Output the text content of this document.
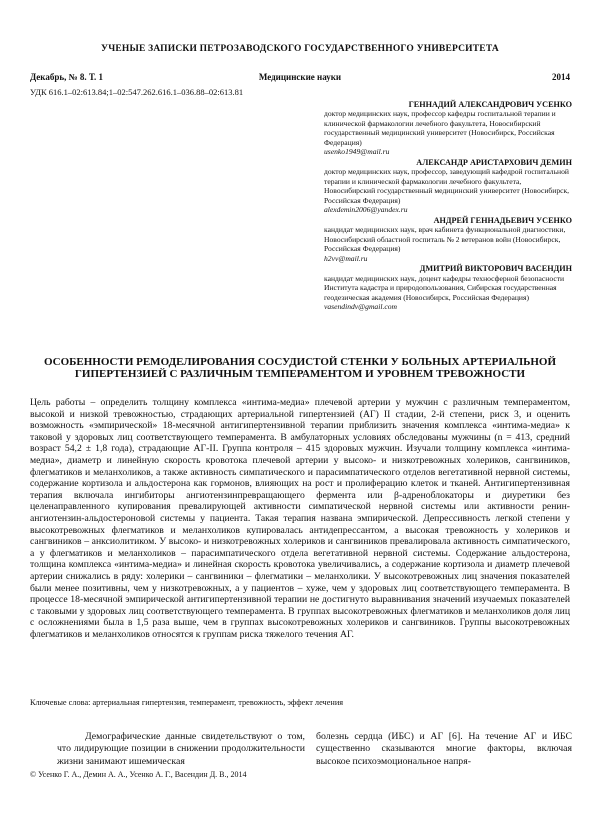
УЧЕНЫЕ ЗАПИСКИ ПЕТРОЗАВОДСКОГО ГОСУДАРСТВЕННОГО УНИВЕРСИТЕТА
Декабрь, № 8. Т. 1	Медицинские науки	2014
УДК 616.1–02:613.84;1–02:547.262.616.1–036.88–02:613.81
ГЕННАДИЙ АЛЕКСАНДРОВИЧ УСЕНКО
доктор медицинских наук, профессор кафедры госпитальной терапии и клинической фармакологии лечебного факультета, Новосибирский государственный медицинский университет (Новосибирск, Российская Федерация)
usenko1949@mail.ru
АЛЕКСАНДР АРИСТАРХОВИЧ ДЕМИН
доктор медицинских наук, профессор, заведующий кафедрой госпитальной терапии и клинической фармакологии лечебного факультета, Новосибирский государственный медицинский университет (Новосибирск, Российская Федерация)
alexdemin2006@yandex.ru
АНДРЕЙ ГЕННАДЬЕВИЧ УСЕНКО
кандидат медицинских наук, врач кабинета функциональной диагностики, Новосибирский областной госпиталь № 2 ветеранов войн (Новосибирск, Российская Федерация)
h2vv@mail.ru
ДМИТРИЙ ВИКТОРОВИЧ ВАСЕНДИН
кандидат медицинских наук, доцент кафедры техносферной безопасности Института кадастра и природопользования, Сибирская государственная геодезическая академия (Новосибирск, Российская Федерация)
vasendindv@gmail.com
ОСОБЕННОСТИ РЕМОДЕЛИРОВАНИЯ СОСУДИСТОЙ СТЕНКИ У БОЛЬНЫХ АРТЕРИАЛЬНОЙ ГИПЕРТЕНЗИЕЙ С РАЗЛИЧНЫМ ТЕМПЕРАМЕНТОМ И УРОВНЕМ ТРЕВОЖНОСТИ
Цель работы – определить толщину комплекса «интима-медиа» плечевой артерии у мужчин с различным темпераментом, высокой и низкой тревожностью, страдающих артериальной гипертензией (АГ) II стадии, 2-й степени, риск 3, и оценить возможность «эмпирической» 18-месячной антигипертензивной терапии приблизить значения комплекса «интима-медиа» к таковой у здоровых лиц соответствующего темперамента. В амбулаторных условиях обследованы мужчины (n = 413, средний возраст 54,2 ± 1,8 года), страдающие АГ-II. Группа контроля – 415 здоровых мужчин. Изучали толщину комплекса «интима-медиа», диаметр и линейную скорость кровотока плечевой артерии у высоко- и низкотревожных холериков, сангвиников, флегматиков и меланхоликов, а также активность симпатического и парасимпатического отделов вегетативной нервной системы, содержание кортизола и альдостерона как гормонов, влияющих на рост и пролиферацию клеток и тканей. Антигипертензивная терапия включала ингибиторы ангиотензинпревращающего фермента или β-адреноблокаторы и диуретики без целенаправленного купирования превалирующей активности симпатической нервной системы или активности ренин-ангиотензин-альдостероновой системы у пациента. Такая терапия названа эмпирической. Депрессивность легкой степени у высокотревожных флегматиков и меланхоликов купировалась антидепрессантом, а высокая тревожность у холериков и сангвиников – анксиолитиком. У высоко- и низкотревожных холериков и сангвиников превалировала активность симпатического, а у флегматиков и меланхоликов – парасимпатического отдела вегетативной нервной системы. Содержание альдостерона, толщина комплекса «интима-медиа» и линейная скорость кровотока увеличивались, а содержание кортизола и диаметр плечевой артерии снижались в ряду: холерики – сангвиники – флегматики – меланхолики. У высокотревожных лиц значения показателей были менее позитивны, чем у низкотревожных, а у пациентов – хуже, чем у здоровых лиц соответствующего темперамента. В процессе 18-месячной эмпирической антигипертензивной терапии не достигнуто выравнивания значений изучаемых показателей с таковыми у здоровых лиц соответствующего темперамента. В группах высокотревожных флегматиков и меланхоликов доля лиц с осложнениями была в 1,5 раза выше, чем в группах высокотревожных холериков и сангвиников. Группы высокотревожных флегматиков и меланхоликов относятся к группам риска тяжелого течения АГ.
Ключевые слова: артериальная гипертензия, темперамент, тревожность, эффект лечения
Демографические данные свидетельствуют о том, что лидирующие позиции в снижении продолжительности жизни занимают ишемическая
болезнь сердца (ИБС) и АГ [6]. На течение АГ и ИБС существенно сказываются многие факторы, включая высокое психоэмоциональное напря-
© Усенко Г. А., Демин А. А., Усенко А. Г., Васендин Д. В., 2014
